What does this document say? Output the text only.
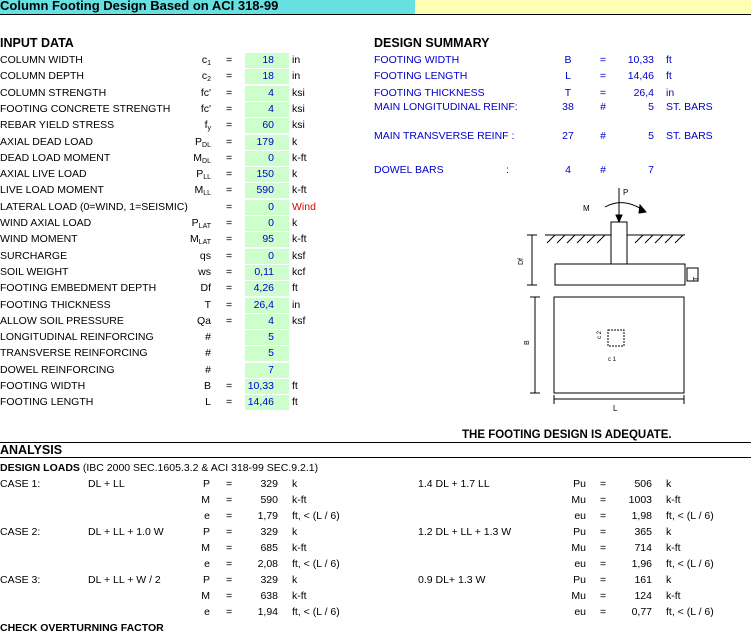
Column Footing Design Based on ACI 318-99
INPUT DATA
COLUMN WIDTH	$c_1$ =	18 in
COLUMN DEPTH	$c_2$ =	18 in
COLUMN STRENGTH	fc' =	4 ksi
FOOTING CONCRETE STRENGTH	fc' =	4 ksi
REBAR YIELD STRESS	$f_y$ =	60 ksi
AXIAL DEAD LOAD	$P_{DL}$ =	179 k
DEAD LOAD MOMENT	$M_{DL}$ =	0 k-ft
AXIAL LIVE LOAD	$P_{LL}$ =	150 k
LIVE LOAD MOMENT	$M_{LL}$ =	590 k-ft
LATERAL LOAD (0=WIND, 1=SEISMIC)	=	0 Wind
WIND AXIAL LOAD	$P_{LAT}$ =	0 k
WIND MOMENT	$M_{LAT}$ =	95 k-ft
SURCHARGE	qs =	0 ksf
SOIL WEIGHT	ws =	0,11 kcf
FOOTING EMBEDMENT DEPTH	Df =	4,26 ft
FOOTING THICKNESS	T =	26,4 in
ALLOW SOIL PRESSURE	Qa =	4 ksf
LONGITUDINAL REINFORCING	#	5
TRANSVERSE REINFORCING	#	5
DOWEL REINFORCING	#	7
FOOTING WIDTH	B = 10,33 ft
FOOTING LENGTH	L = 14,46 ft
DESIGN SUMMARY
FOOTING WIDTH	B	=	10,33 ft
FOOTING LENGTH	L	=	14,46 ft
FOOTING THICKNESS	T	=	26,4 in
MAIN LONGITUDINAL REINF:	38	#	5 ST. BARS
MAIN TRANSVERSE REINF :	27	#	5 ST. BARS
DOWEL BARS	:	4	#	7
P
M
Df
T
B
L
c 1
c 2
THE FOOTING DESIGN IS ADEQUATE.
ANALYSIS
DESIGN LOADS (IBC 2000 SEC.1605.3.2 & ACI 318-99 SEC.9.2.1)
CASE 1:	DL + LL	1.4 DL + 1.7 LL
P =	329 k	Pu =	506 k
M =	590 k-ft	Mu =	1003 k-ft
e =	1,79 ft, < (L / 6)	eu =	1,98 ft, < (L / 6)
CASE 2:	DL + LL + 1.0 W	1.2 DL + LL + 1.3 W
P =	329 k	Pu =	365 k
M =	685 k-ft	Mu =	714 k-ft
e =	2,08 ft, < (L / 6)	eu =	1,96 ft, < (L / 6)
CASE 3:	DL + LL + W / 2	0.9 DL+ 1.3 W
P =	329 k	Pu =	161 k
M =	638 k-ft	Mu =	124 k-ft
e =	1,94 ft, < (L / 6)	eu =	0,77 ft, < (L / 6)
CHECK OVERTURNING FACTOR
